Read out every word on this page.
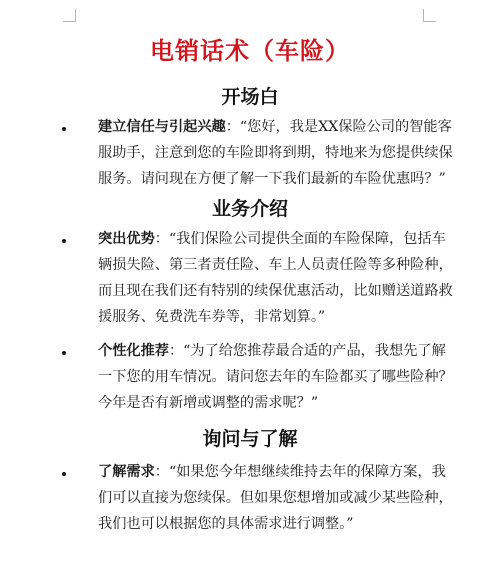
电销话术（车险）
开场白
建立信任与引起兴趣：“您好，我是XX保险公司的智能客服助手，注意到您的车险即将到期，特地来为您提供续保服务。请问现在方便了解一下我们最新的车险优惠吗？”
业务介绍
突出优势：“我们保险公司提供全面的车险保障，包括车辆损失险、第三者责任险、车上人员责任险等多种险种，而且现在我们还有特别的续保优惠活动，比如赠送道路救援服务、免费洗车券等，非常划算。”
个性化推荐：“为了给您推荐最合适的产品，我想先了解一下您的用车情况。请问您去年的车险都买了哪些险种？今年是否有新增或调整的需求呢？”
询问与了解
了解需求：“如果您今年想继续维持去年的保障方案，我们可以直接为您续保。但如果您想增加或减少某些险种，我们也可以根据您的具体需求进行调整。”
